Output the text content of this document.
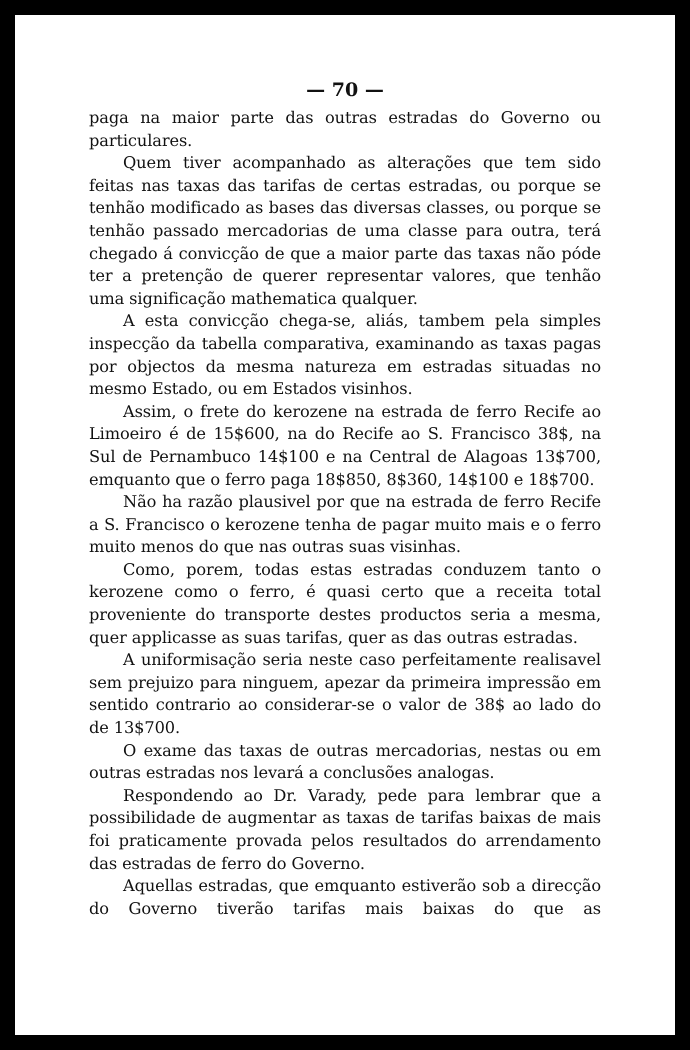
— 70 —

paga na maior parte das outras estradas do Governo ou particulares.

Quem tiver acompanhado as alterações que tem sido feitas nas taxas das tarifas de certas estradas, ou porque se tenhão modificado as bases das diversas classes, ou porque se tenhão passado mercadorias de uma classe para outra, terá chegado á convicção de que a maior parte das taxas não póde ter a pretenção de querer representar valores, que tenhão uma significação mathematica qualquer.

A esta convicção chega-se, aliás, tambem pela simples inspecção da tabella comparativa, examinando as taxas pagas por objectos da mesma natureza em estradas situadas no mesmo Estado, ou em Estados visinhos.

Assim, o frete do kerozene na estrada de ferro Recife ao Limoeiro é de 15$600, na do Recife ao S. Francisco 38$, na Sul de Pernambuco 14$100 e na Central de Alagoas 13$700, emquanto que o ferro paga 18$850, 8$360, 14$100 e 18$700.

Não ha razão plausivel por que na estrada de ferro Recife a S. Francisco o kerozene tenha de pagar muito mais e o ferro muito menos do que nas outras suas visinhas.

Como, porem, todas estas estradas conduzem tanto o kerozene como o ferro, é quasi certo que a receita total proveniente do transporte destes productos seria a mesma, quer applicasse as suas tarifas, quer as das outras estradas.

A uniformisação seria neste caso perfeitamente realisavel sem prejuizo para ninguem, apezar da primeira impressão em sentido contrario ao considerar-se o valor de 38$ ao lado do de 13$700.

O exame das taxas de outras mercadorias, nestas ou em outras estradas nos levará a conclusões analogas.

Respondendo ao Dr. Varady, pede para lembrar que a possibilidade de augmentar as taxas de tarifas baixas de mais foi praticamente provada pelos resultados do arrendamento das estradas de ferro do Governo.

Aquellas estradas, que emquanto estiverão sob a direcção do Governo tiverão tarifas mais baixas do que as
